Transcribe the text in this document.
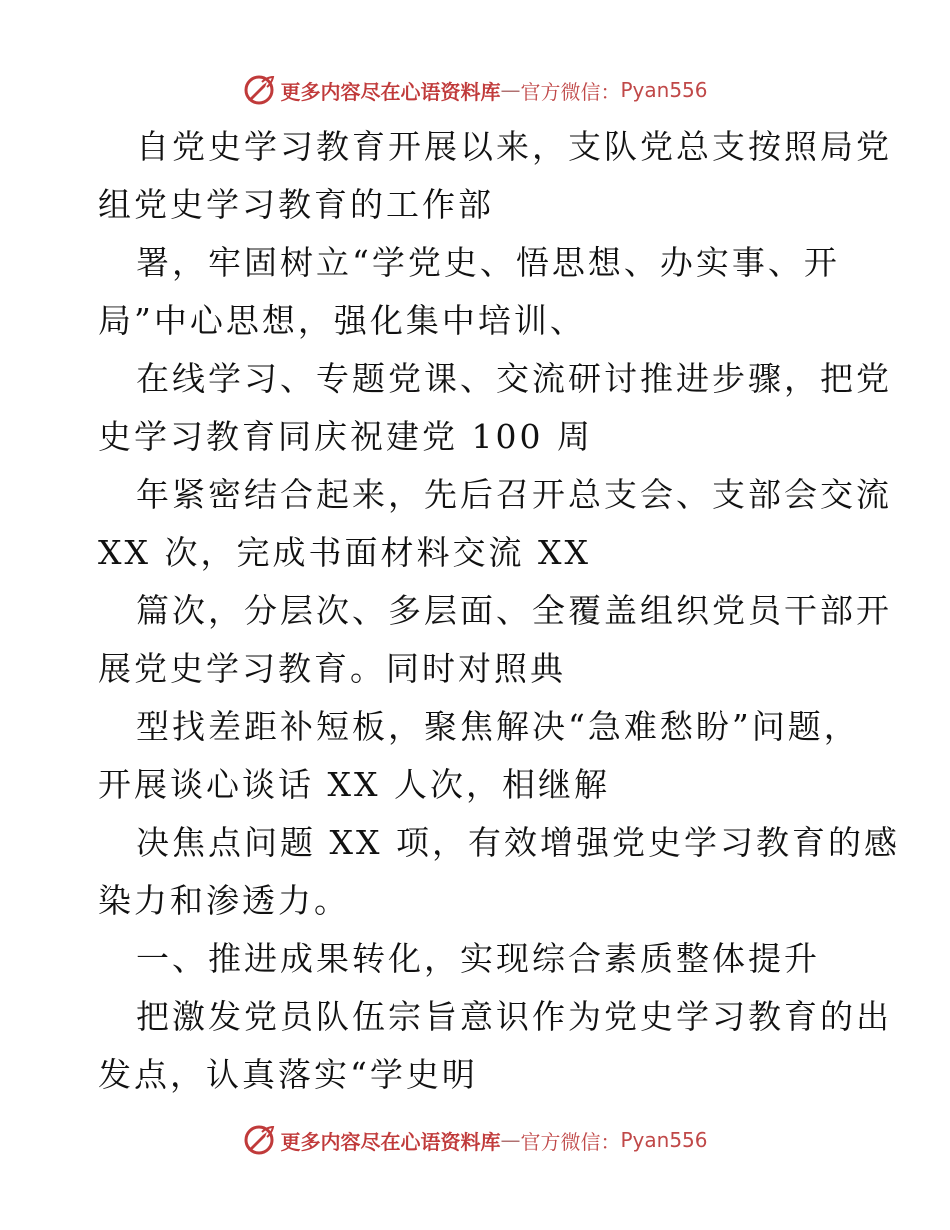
更多内容尽在心语资料库 — 官方微信： Pyan556

自党史学习教育开展以来，支队党总支按照局党

组党史学习教育的工作部

署，牢固树立“学党史、悟思想、办实事、开

局”中心思想，强化集中培训、

在线学习、专题党课、交流研讨推进步骤，把党

史学习教育同庆祝建党 100 周

年紧密结合起来，先后召开总支会、支部会交流

XX 次，完成书面材料交流 XX

篇次，分层次、多层面、全覆盖组织党员干部开

展党史学习教育。同时对照典

型找差距补短板，聚焦解决“急难愁盼”问题，

开展谈心谈话 XX 人次，相继解

决焦点问题 XX 项，有效增强党史学习教育的感

染力和渗透力。

一、推进成果转化，实现综合素质整体提升

把激发党员队伍宗旨意识作为党史学习教育的出

发点，认真落实“学史明

更多内容尽在心语资料库 — 官方微信： Pyan556
